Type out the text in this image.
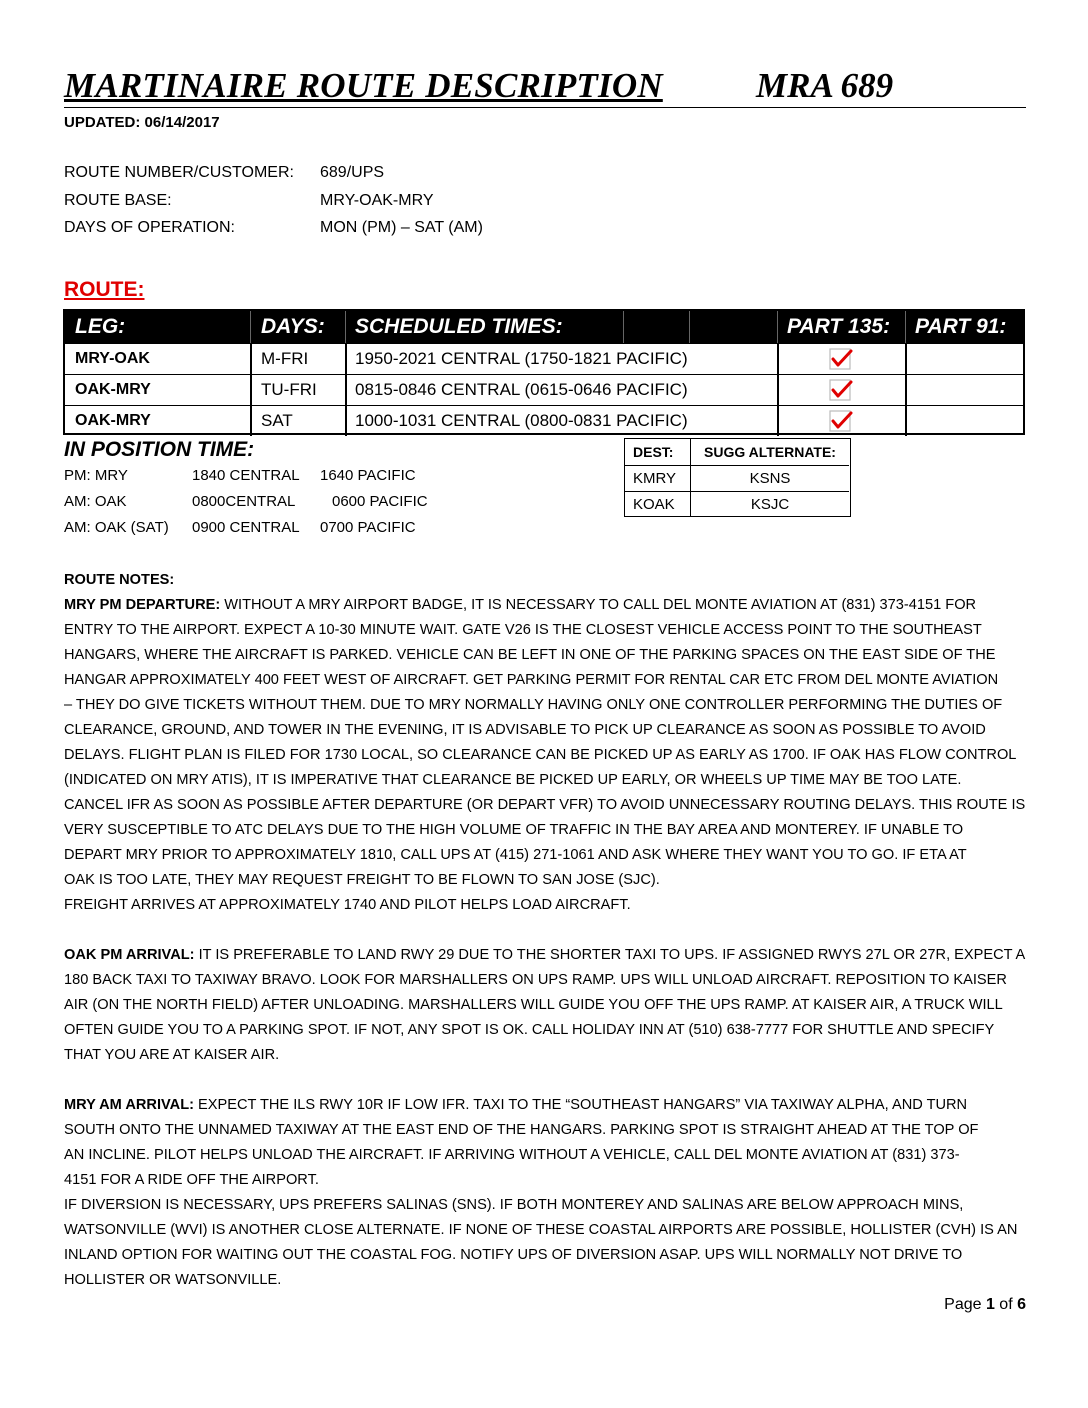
MARTINAIRE ROUTE DESCRIPTION	MRA 689
UPDATED: 06/14/2017
ROUTE NUMBER/CUSTOMER: 689/UPS
ROUTE BASE:	MRY-OAK-MRY
DAYS OF OPERATION:	MON (PM) – SAT (AM)
ROUTE:
LEG:	DAYS: SCHEDULED TIMES:	PART 135: PART 91:
MRY-OAK	M-FRI	1950-2021 CENTRAL (1750-1821 PACIFIC)
OAK-MRY	TU-FRI 0815-0846 CENTRAL (0615-0646 PACIFIC)
OAK-MRY	SAT	1000-1031 CENTRAL (0800-0831 PACIFIC)
IN POSITION TIME:
PM: MRY	1840 CENTRAL 1640 PACIFIC
AM: OAK	0800CENTRAL 0600 PACIFIC
AM: OAK (SAT) 0900 CENTRAL 0700 PACIFIC
DEST:	SUGG ALTERNATE:
KMRY	KSNS
KOAK	KSJC
ROUTE NOTES:
MRY PM DEPARTURE: WITHOUT A MRY AIRPORT BADGE, IT IS NECESSARY TO CALL DEL MONTE AVIATION AT (831) 373-4151 FOR
ENTRY TO THE AIRPORT. EXPECT A 10-30 MINUTE WAIT. GATE V26 IS THE CLOSEST VEHICLE ACCESS POINT TO THE SOUTHEAST
HANGARS, WHERE THE AIRCRAFT IS PARKED. VEHICLE CAN BE LEFT IN ONE OF THE PARKING SPACES ON THE EAST SIDE OF THE
HANGAR APPROXIMATELY 400 FEET WEST OF AIRCRAFT. GET PARKING PERMIT FOR RENTAL CAR ETC FROM DEL MONTE AVIATION
– THEY DO GIVE TICKETS WITHOUT THEM. DUE TO MRY NORMALLY HAVING ONLY ONE CONTROLLER PERFORMING THE DUTIES OF
CLEARANCE, GROUND, AND TOWER IN THE EVENING, IT IS ADVISABLE TO PICK UP CLEARANCE AS SOON AS POSSIBLE TO AVOID
DELAYS. FLIGHT PLAN IS FILED FOR 1730 LOCAL, SO CLEARANCE CAN BE PICKED UP AS EARLY AS 1700. IF OAK HAS FLOW CONTROL
(INDICATED ON MRY ATIS), IT IS IMPERATIVE THAT CLEARANCE BE PICKED UP EARLY, OR WHEELS UP TIME MAY BE TOO LATE.
CANCEL IFR AS SOON AS POSSIBLE AFTER DEPARTURE (OR DEPART VFR) TO AVOID UNNECESSARY ROUTING DELAYS. THIS ROUTE IS
VERY SUSCEPTIBLE TO ATC DELAYS DUE TO THE HIGH VOLUME OF TRAFFIC IN THE BAY AREA AND MONTEREY. IF UNABLE TO
DEPART MRY PRIOR TO APPROXIMATELY 1810, CALL UPS AT (415) 271-1061 AND ASK WHERE THEY WANT YOU TO GO. IF ETA AT
OAK IS TOO LATE, THEY MAY REQUEST FREIGHT TO BE FLOWN TO SAN JOSE (SJC).
FREIGHT ARRIVES AT APPROXIMATELY 1740 AND PILOT HELPS LOAD AIRCRAFT.
OAK PM ARRIVAL: IT IS PREFERABLE TO LAND RWY 29 DUE TO THE SHORTER TAXI TO UPS. IF ASSIGNED RWYS 27L OR 27R, EXPECT A
180 BACK TAXI TO TAXIWAY BRAVO. LOOK FOR MARSHALLERS ON UPS RAMP. UPS WILL UNLOAD AIRCRAFT. REPOSITION TO KAISER
AIR (ON THE NORTH FIELD) AFTER UNLOADING. MARSHALLERS WILL GUIDE YOU OFF THE UPS RAMP. AT KAISER AIR, A TRUCK WILL
OFTEN GUIDE YOU TO A PARKING SPOT. IF NOT, ANY SPOT IS OK. CALL HOLIDAY INN AT (510) 638-7777 FOR SHUTTLE AND SPECIFY
THAT YOU ARE AT KAISER AIR.
MRY AM ARRIVAL: EXPECT THE ILS RWY 10R IF LOW IFR. TAXI TO THE “SOUTHEAST HANGARS” VIA TAXIWAY ALPHA, AND TURN
SOUTH ONTO THE UNNAMED TAXIWAY AT THE EAST END OF THE HANGARS. PARKING SPOT IS STRAIGHT AHEAD AT THE TOP OF
AN INCLINE. PILOT HELPS UNLOAD THE AIRCRAFT. IF ARRIVING WITHOUT A VEHICLE, CALL DEL MONTE AVIATION AT (831) 373-
4151 FOR A RIDE OFF THE AIRPORT.
IF DIVERSION IS NECESSARY, UPS PREFERS SALINAS (SNS). IF BOTH MONTEREY AND SALINAS ARE BELOW APPROACH MINS,
WATSONVILLE (WVI) IS ANOTHER CLOSE ALTERNATE. IF NONE OF THESE COASTAL AIRPORTS ARE POSSIBLE, HOLLISTER (CVH) IS AN
INLAND OPTION FOR WAITING OUT THE COASTAL FOG. NOTIFY UPS OF DIVERSION ASAP. UPS WILL NORMALLY NOT DRIVE TO
HOLLISTER OR WATSONVILLE.
Page 1 of 6
